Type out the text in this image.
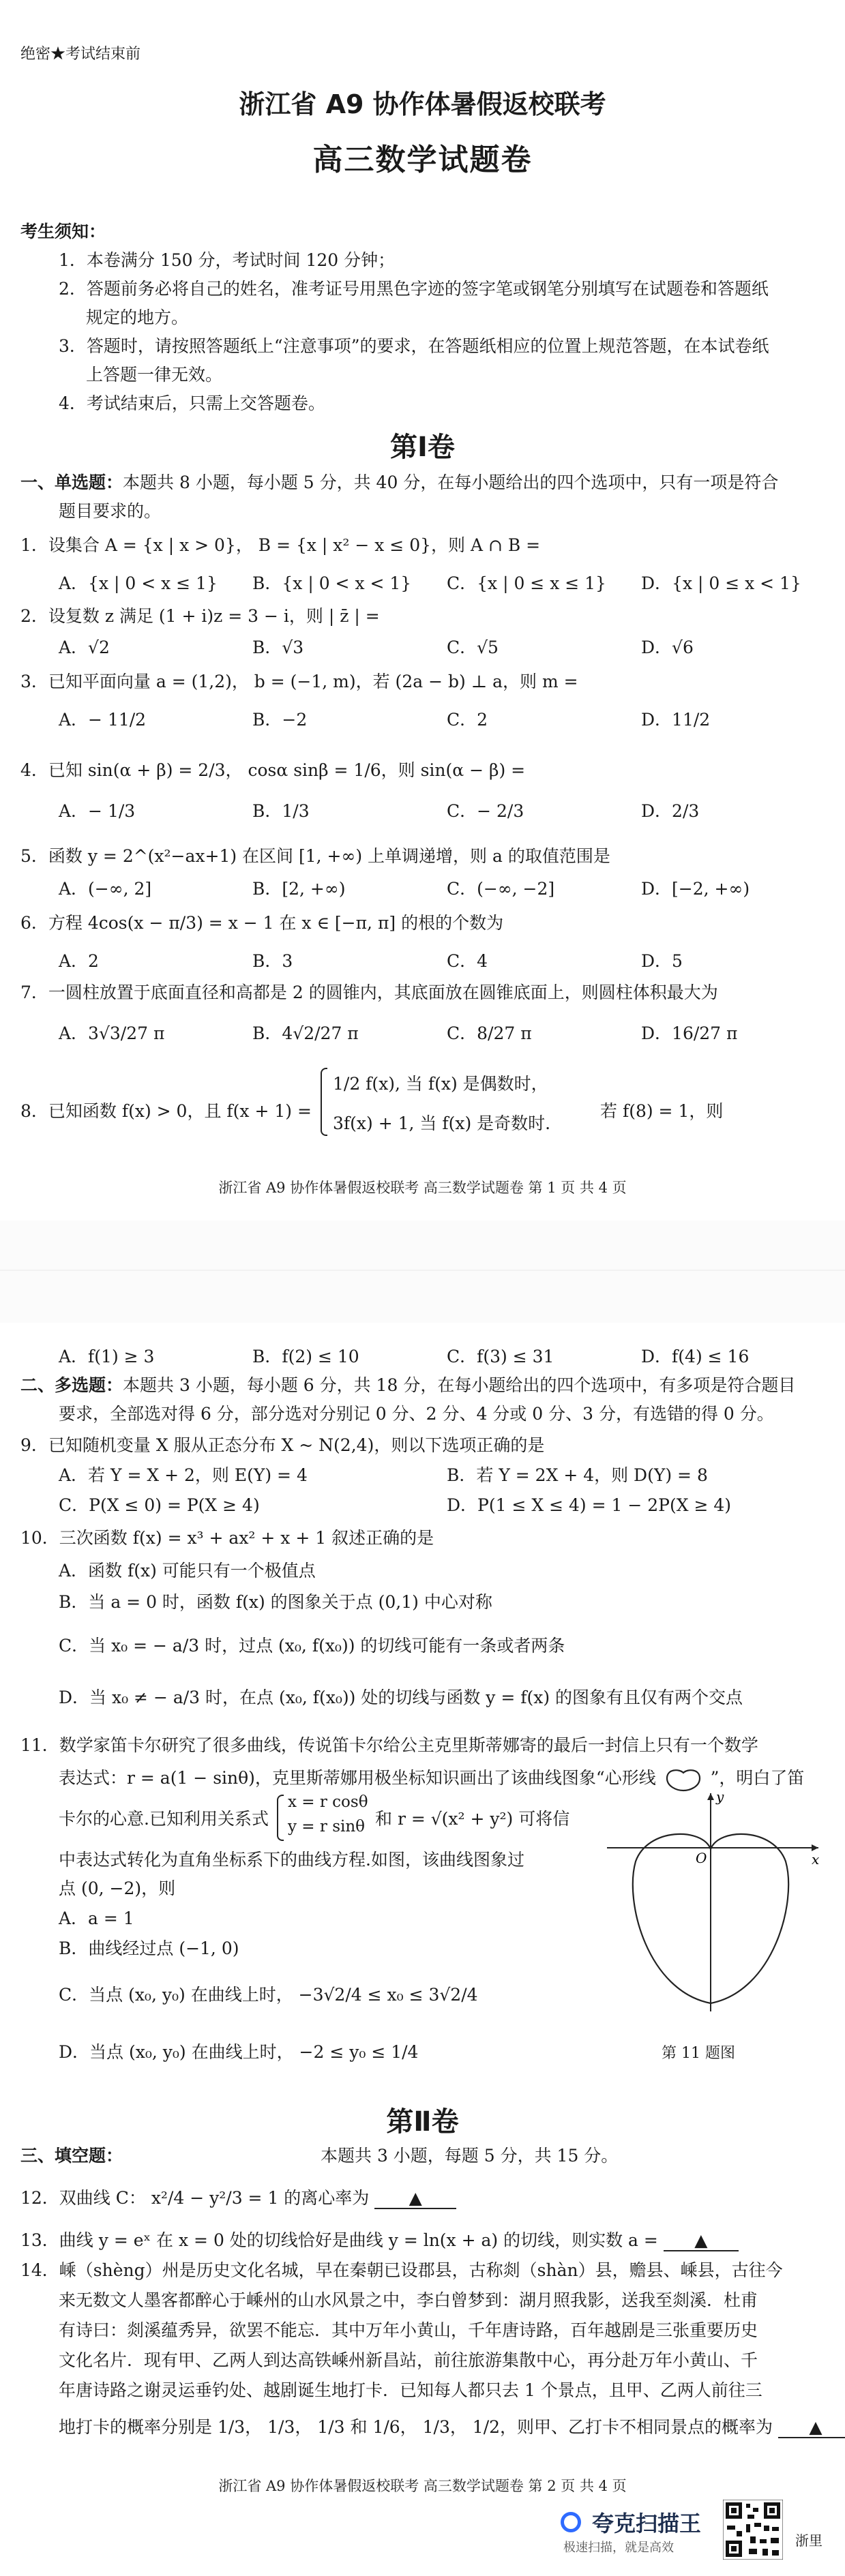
绝密★考试结束前
浙江省 A9 协作体暑假返校联考
高三数学试题卷
考生须知：
1．本卷满分 150 分，考试时间 120 分钟；
2．答题前务必将自己的姓名，准考证号用黑色字迹的签字笔或钢笔分别填写在试题卷和答题纸
规定的地方。
3．答题时，请按照答题纸上“注意事项”的要求，在答题纸相应的位置上规范答题，在本试卷纸
上答题一律无效。
4．考试结束后，只需上交答题卷。
第Ⅰ卷
一、单选题：本题共 8 小题，每小题 5 分，共 40 分，在每小题给出的四个选项中，只有一项是符合
题目要求的。
1．设集合 A = {x | x > 0}， B = {x | x² − x ≤ 0}，则 A ∩ B =
A．{x | 0 < x ≤ 1} B．{x | 0 < x < 1} C．{x | 0 ≤ x ≤ 1} D．{x | 0 ≤ x < 1}
2．设复数 z 满足 (1 + i)z = 3 − i，则 | z̄ | =
A．√2	B．√3	C．√5	D．√6
3．已知平面向量 a = (1,2)， b = (−1, m)，若 (2a − b) ⊥ a，则 m =
A．− 11/2	B．−2	C．2	D．11/2
4．已知 sin(α + β) = 2/3， cosα sinβ = 1/6，则 sin(α − β) =
A．− 1/3	B．1/3	C．− 2/3	D．2/3
5．函数 y = 2^(x²−ax+1) 在区间 [1, +∞) 上单调递增，则 a 的取值范围是
A．(−∞, 2]	B．[2, +∞)	C．(−∞, −2]	D．[−2, +∞)
6．方程 4cos(x − π/3) = x − 1 在 x ∈ [−π, π] 的根的个数为
A．2	B．3	C．4	D．5
7．一圆柱放置于底面直径和高都是 2 的圆锥内，其底面放在圆锥底面上，则圆柱体积最大为
A．3√3/27 π	B．4√2/27 π	C．8/27 π	D．16/27 π
8．已知函数 f(x) > 0，且 f(x + 1) =
1/2 f(x), 当 f(x) 是偶数时，
3f(x) + 1, 当 f(x) 是奇数时.
若 f(8) = 1，则
浙江省 A9 协作体暑假返校联考 高三数学试题卷 第 1 页 共 4 页
A．f(1) ≥ 3	B．f(2) ≤ 10	C．f(3) ≤ 31	D．f(4) ≤ 16
二、多选题：本题共 3 小题，每小题 6 分，共 18 分，在每小题给出的四个选项中，有多项是符合题目
要求，全部选对得 6 分，部分选对分别记 0 分、2 分、4 分或 0 分、3 分，有选错的得 0 分。
9．已知随机变量 X 服从正态分布 X ~ N(2,4)，则以下选项正确的是
A．若 Y = X + 2，则 E(Y) = 4	B．若 Y = 2X + 4，则 D(Y) = 8
C．P(X ≤ 0) = P(X ≥ 4)	D．P(1 ≤ X ≤ 4) = 1 − 2P(X ≥ 4)
10．三次函数 f(x) = x³ + ax² + x + 1 叙述正确的是
A．函数 f(x) 可能只有一个极值点
B．当 a = 0 时，函数 f(x) 的图象关于点 (0,1) 中心对称
C．当 x₀ = − a/3 时，过点 (x₀, f(x₀)) 的切线可能有一条或者两条
D．当 x₀ ≠ − a/3 时，在点 (x₀, f(x₀)) 处的切线与函数 y = f(x) 的图象有且仅有两个交点
11．数学家笛卡尔研究了很多曲线，传说笛卡尔给公主克里斯蒂娜寄的最后一封信上只有一个数学
表达式：r = a(1 − sinθ)，克里斯蒂娜用极坐标知识画出了该曲线图象“心形线	”，明白了笛
卡尔的心意.已知利用关系式
x = r cosθ
y = r sinθ 和 r = √(x² + y²) 可将信
中表达式转化为直角坐标系下的曲线方程.如图，该曲线图象过
点 (0, −2)，则
A．a = 1
B．曲线经过点 (−1, 0)
C．当点 (x₀, y₀) 在曲线上时， −3√2/4 ≤ x₀ ≤ 3√2/4
D．当点 (x₀, y₀) 在曲线上时， −2 ≤ y₀ ≤ 1/4
x
y
O
第 11 题图
第Ⅱ卷
三、填空题：	本题共 3 小题，每题 5 分，共 15 分。
12．双曲线 C： x²/4 − y²/3 = 1 的离心率为 ▲
13．曲线 y = eˣ 在 x = 0 处的切线恰好是曲线 y = ln(x + a) 的切线，则实数 a = ▲
14．嵊（shèng）州是历史文化名城，早在秦朝已设郡县，古称剡（shàn）县，赡县、嵊县，古往今
来无数文人墨客都醉心于嵊州的山水风景之中，李白曾梦到：湖月照我影，送我至剡溪．杜甫
有诗曰：剡溪蕴秀异，欲罢不能忘．其中万年小黄山，千年唐诗路，百年越剧是三张重要历史
文化名片．现有甲、乙两人到达高铁嵊州新昌站，前往旅游集散中心，再分赴万年小黄山、千
年唐诗路之谢灵运垂钓处、越剧诞生地打卡．已知每人都只去 1 个景点，且甲、乙两人前往三
地打卡的概率分别是 1/3， 1/3， 1/3 和 1/6， 1/3， 1/2，则甲、乙打卡不相同景点的概率为 ▲
浙江省 A9 协作体暑假返校联考 高三数学试题卷 第 2 页 共 4 页
夸克扫描王
极速扫描，就是高效	浙里
